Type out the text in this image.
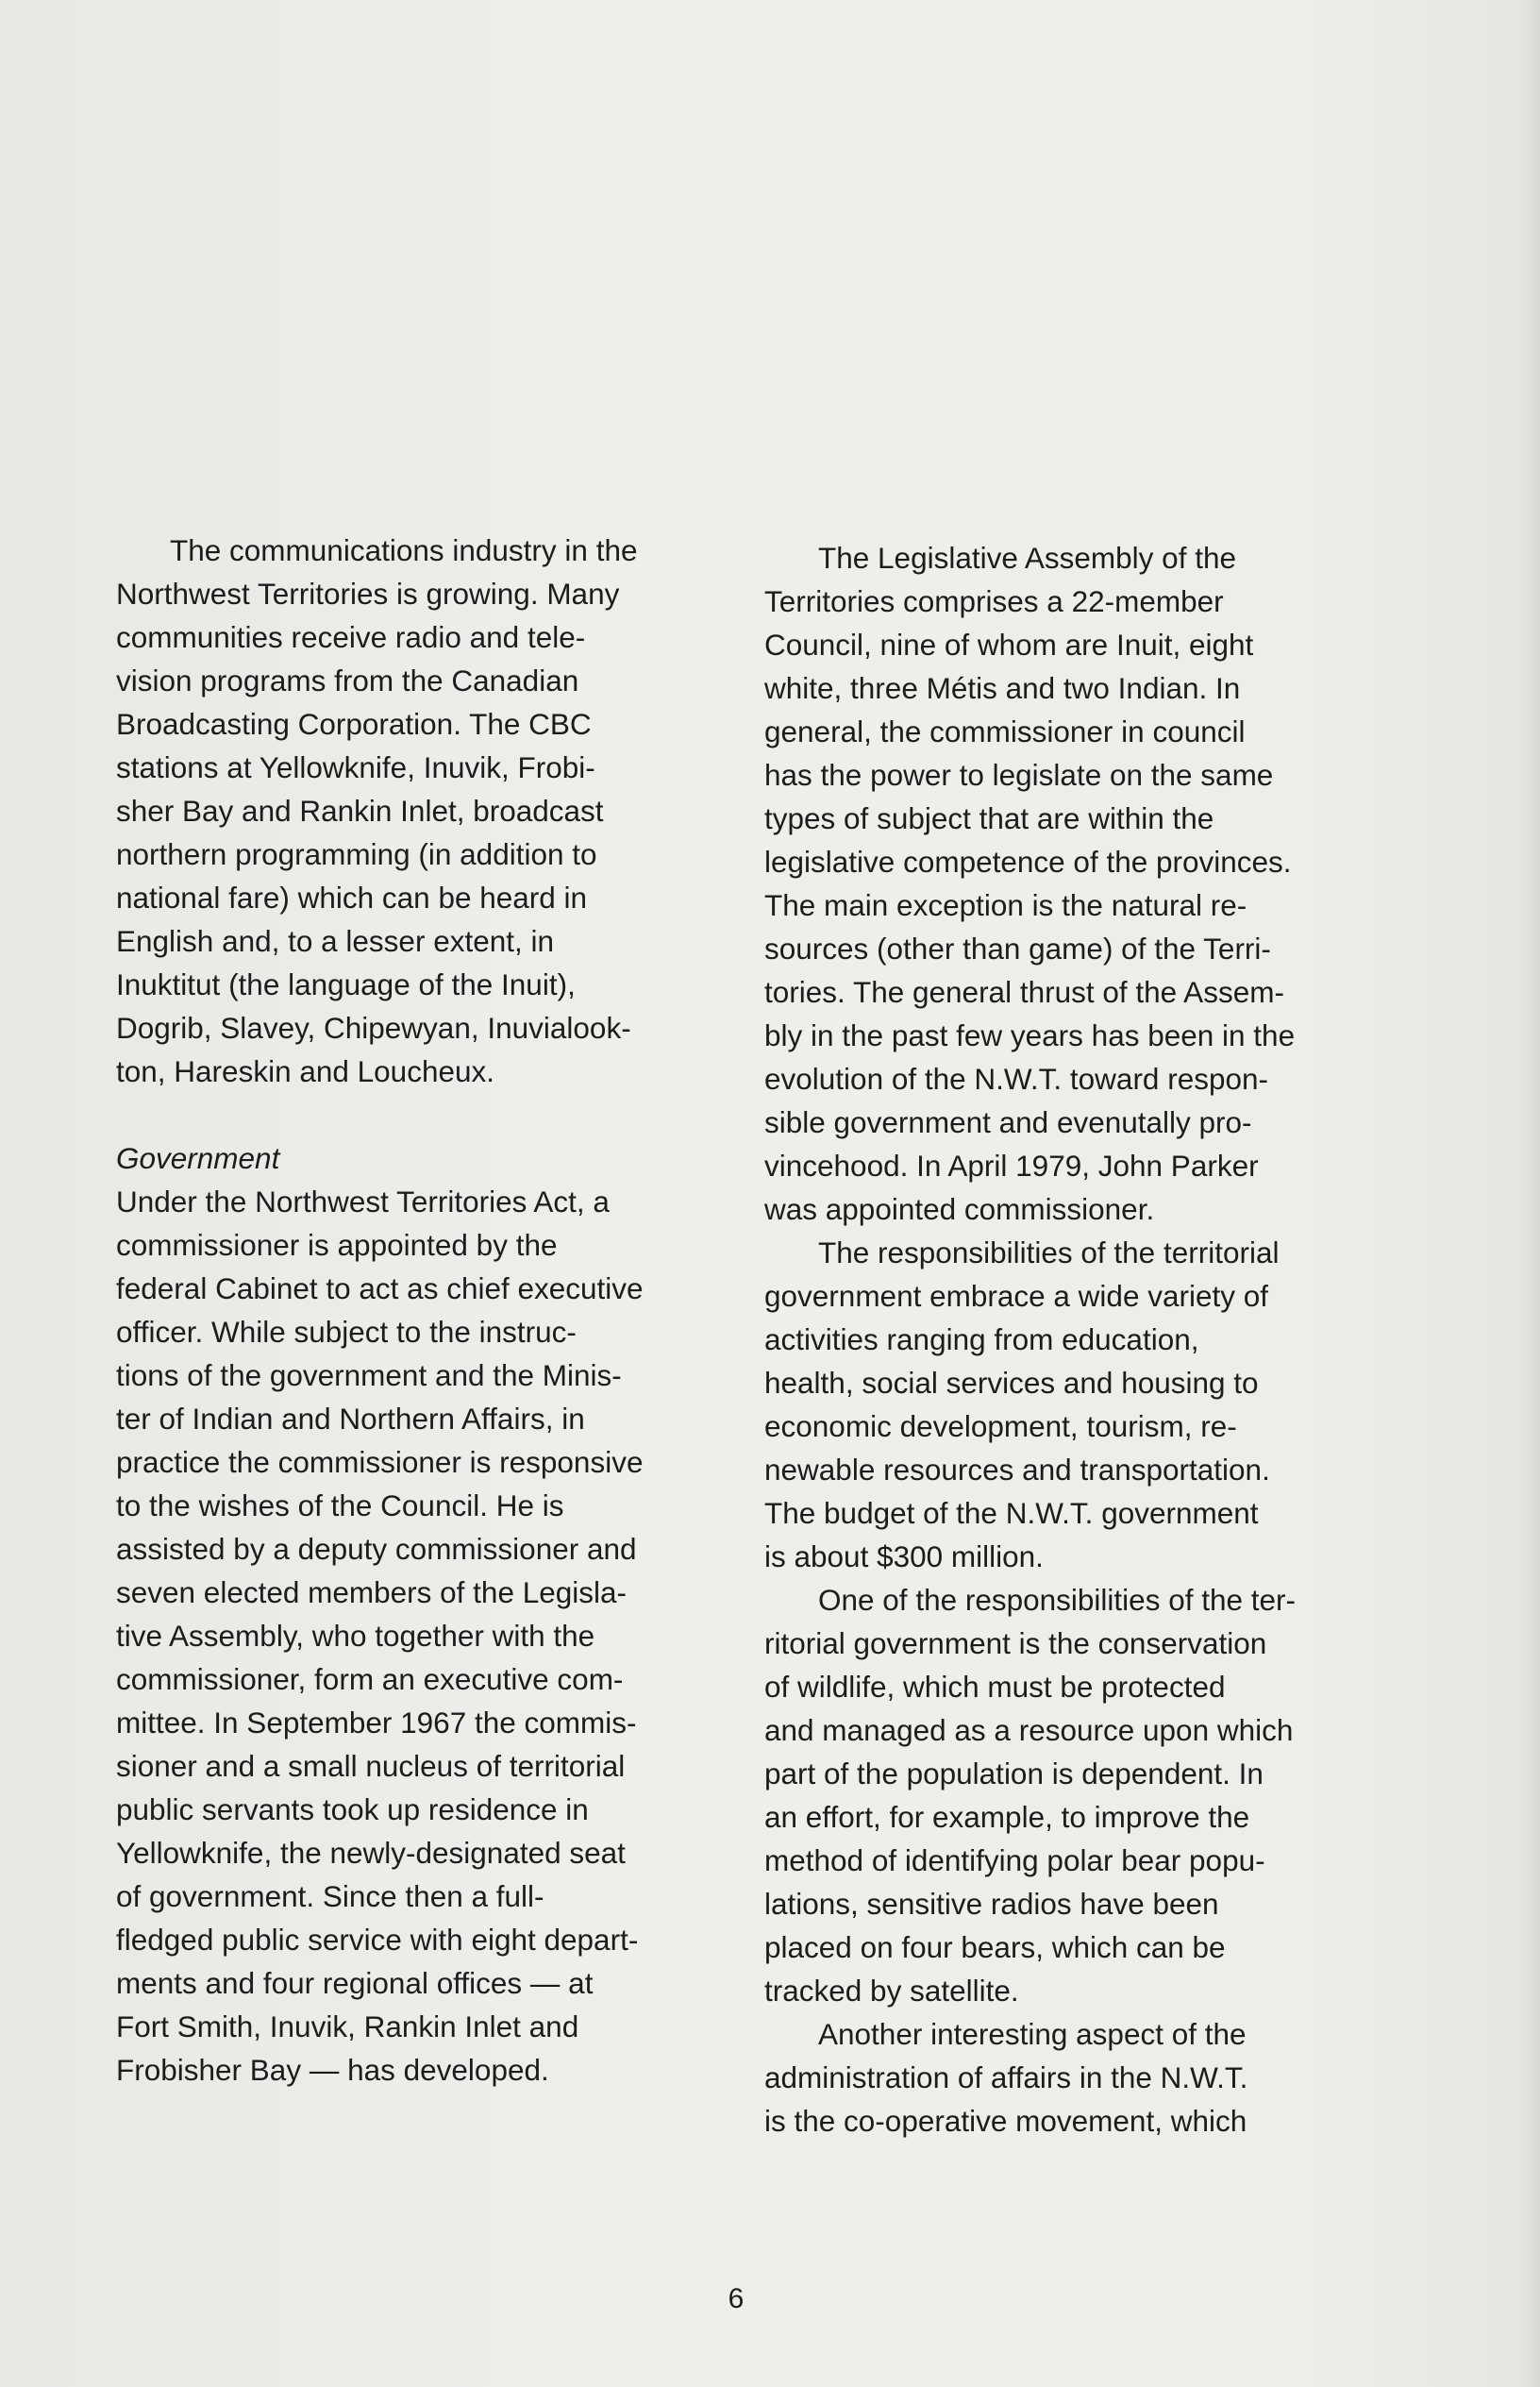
The communications industry in the
Northwest Territories is growing. Many
communities receive radio and tele-
vision programs from the Canadian
Broadcasting Corporation. The CBC
stations at Yellowknife, Inuvik, Frobi-
sher Bay and Rankin Inlet, broadcast
northern programming (in addition to
national fare) which can be heard in
English and, to a lesser extent, in
Inuktitut (the language of the Inuit),
Dogrib, Slavey, Chipewyan, Inuvialook-
ton, Hareskin and Loucheux.
Government
Under the Northwest Territories Act, a
commissioner is appointed by the
federal Cabinet to act as chief executive
officer. While subject to the instruc-
tions of the government and the Minis-
ter of Indian and Northern Affairs, in
practice the commissioner is responsive
to the wishes of the Council. He is
assisted by a deputy commissioner and
seven elected members of the Legisla-
tive Assembly, who together with the
commissioner, form an executive com-
mittee. In September 1967 the commis-
sioner and a small nucleus of territorial
public servants took up residence in
Yellowknife, the newly-designated seat
of government. Since then a full-
fledged public service with eight depart-
ments and four regional offices — at
Fort Smith, Inuvik, Rankin Inlet and
Frobisher Bay — has developed.
The Legislative Assembly of the
Territories comprises a 22-member
Council, nine of whom are Inuit, eight
white, three Métis and two Indian. In
general, the commissioner in council
has the power to legislate on the same
types of subject that are within the
legislative competence of the provinces.
The main exception is the natural re-
sources (other than game) of the Terri-
tories. The general thrust of the Assem-
bly in the past few years has been in the
evolution of the N.W.T. toward respon-
sible government and evenutally pro-
vincehood. In April 1979, John Parker
was appointed commissioner.
The responsibilities of the territorial
government embrace a wide variety of
activities ranging from education,
health, social services and housing to
economic development, tourism, re-
newable resources and transportation.
The budget of the N.W.T. government
is about $300 million.
One of the responsibilities of the ter-
ritorial government is the conservation
of wildlife, which must be protected
and managed as a resource upon which
part of the population is dependent. In
an effort, for example, to improve the
method of identifying polar bear popu-
lations, sensitive radios have been
placed on four bears, which can be
tracked by satellite.
Another interesting aspect of the
administration of affairs in the N.W.T.
is the co-operative movement, which
6
